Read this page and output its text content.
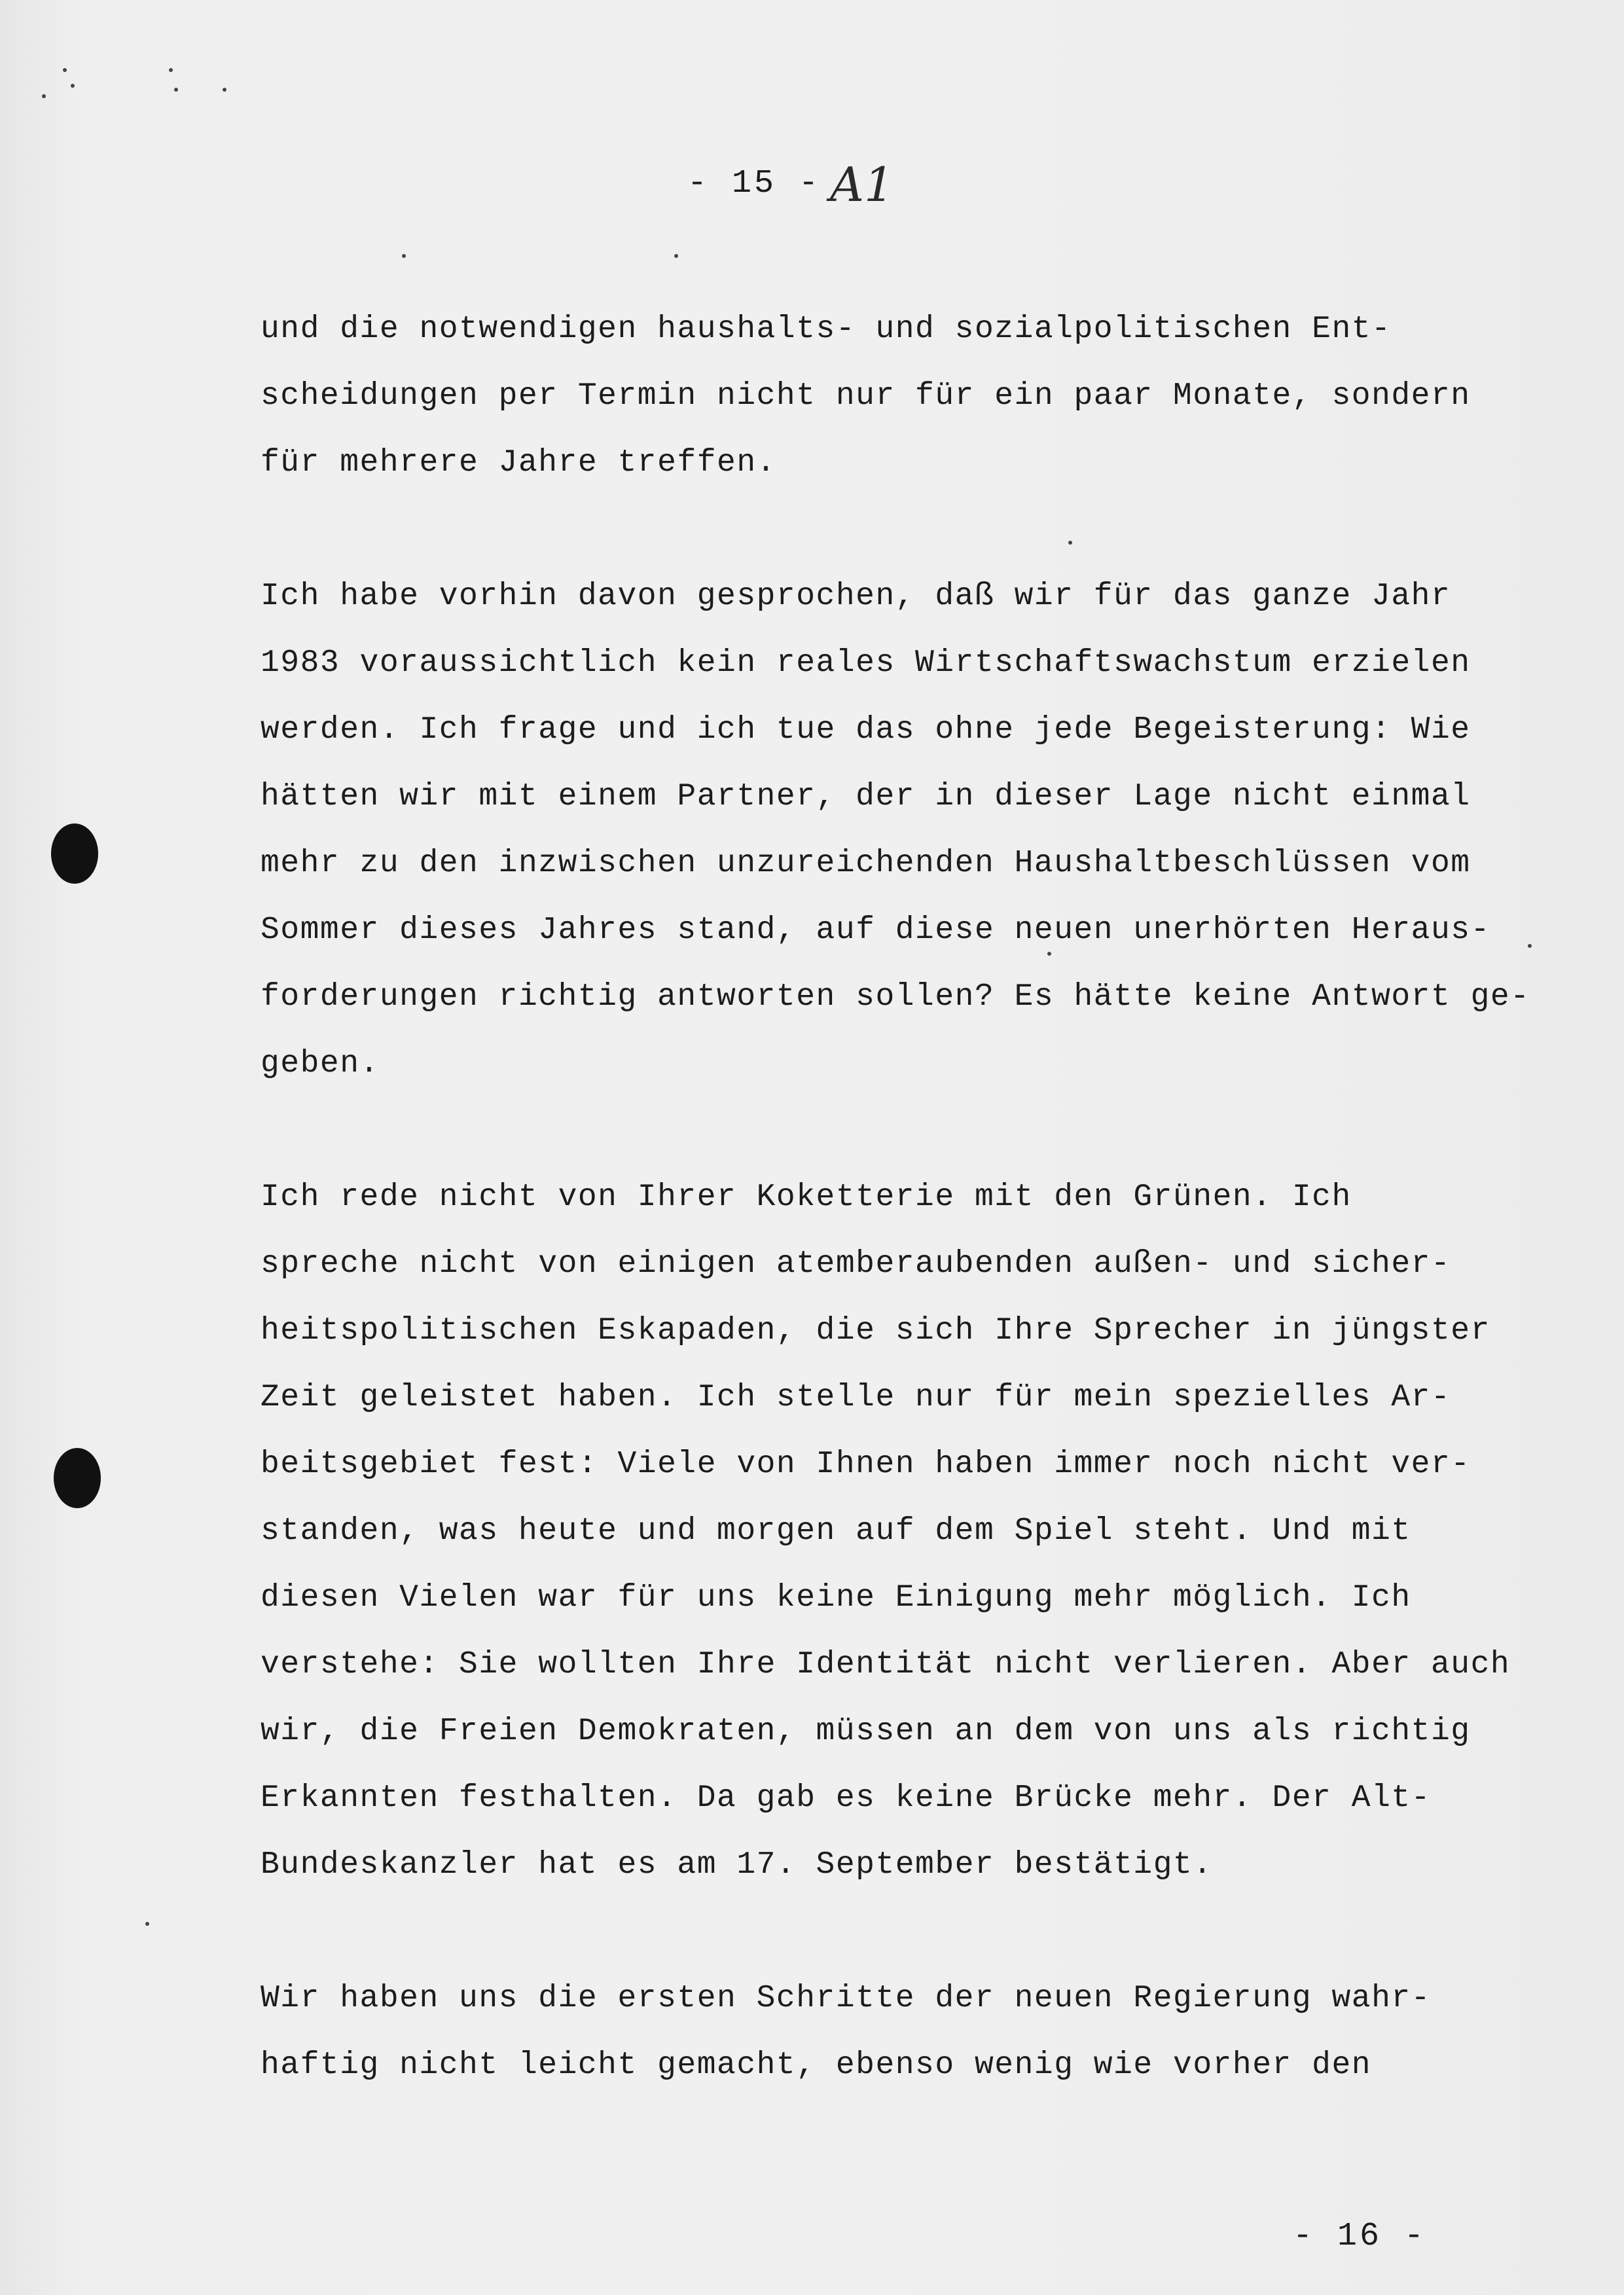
- 15 - A1
und die notwendigen haushalts- und sozialpolitischen Ent-
scheidungen per Termin nicht nur für ein paar Monate, sondern
für mehrere Jahre treffen.
Ich habe vorhin davon gesprochen, daß wir für das ganze Jahr
1983 voraussichtlich kein reales Wirtschaftswachstum erzielen
werden. Ich frage und ich tue das ohne jede Begeisterung: Wie
hätten wir mit einem Partner, der in dieser Lage nicht einmal
mehr zu den inzwischen unzureichenden Haushaltbeschlüssen vom
Sommer dieses Jahres stand, auf diese neuen unerhörten Heraus-
forderungen richtig antworten sollen? Es hätte keine Antwort ge-
geben.
Ich rede nicht von Ihrer Koketterie mit den Grünen. Ich
spreche nicht von einigen atemberaubenden außen- und sicher-
heitspolitischen Eskapaden, die sich Ihre Sprecher in jüngster
Zeit geleistet haben. Ich stelle nur für mein spezielles Ar-
beitsgebiet fest: Viele von Ihnen haben immer noch nicht ver-
standen, was heute und morgen auf dem Spiel steht. Und mit
diesen Vielen war für uns keine Einigung mehr möglich. Ich
verstehe: Sie wollten Ihre Identität nicht verlieren. Aber auch
wir, die Freien Demokraten, müssen an dem von uns als richtig
Erkannten festhalten. Da gab es keine Brücke mehr. Der Alt-
Bundeskanzler hat es am 17. September bestätigt.
Wir haben uns die ersten Schritte der neuen Regierung wahr-
haftig nicht leicht gemacht, ebenso wenig wie vorher den
- 16 -
